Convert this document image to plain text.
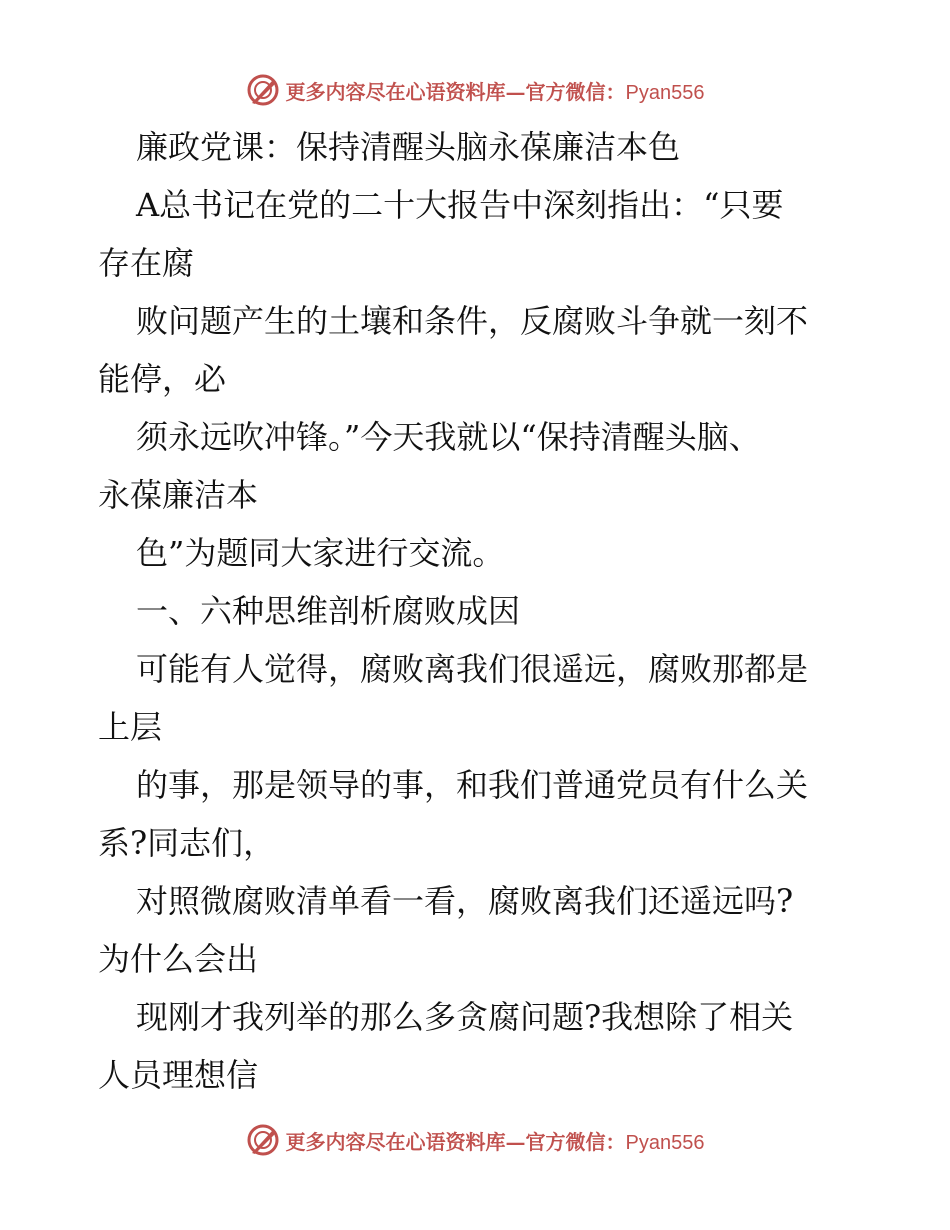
更多内容尽在心语资料库—官方微信：Pyan556

廉政党课：保持清醒头脑永葆廉洁本色

A总书记在党的二十大报告中深刻指出：“只要

存在腐

败问题产生的土壤和条件，反腐败斗争就一刻不

能停，必

须永远吹冲锋。”今天我就以“保持清醒头脑、

永葆廉洁本

色”为题同大家进行交流。

一、六种思维剖析腐败成因

可能有人觉得，腐败离我们很遥远，腐败那都是

上层

的事，那是领导的事，和我们普通党员有什么关

系?同志们，

对照微腐败清单看一看，腐败离我们还遥远吗?

为什么会出

现刚才我列举的那么多贪腐问题?我想除了相关

人员理想信

更多内容尽在心语资料库—官方微信：Pyan556
